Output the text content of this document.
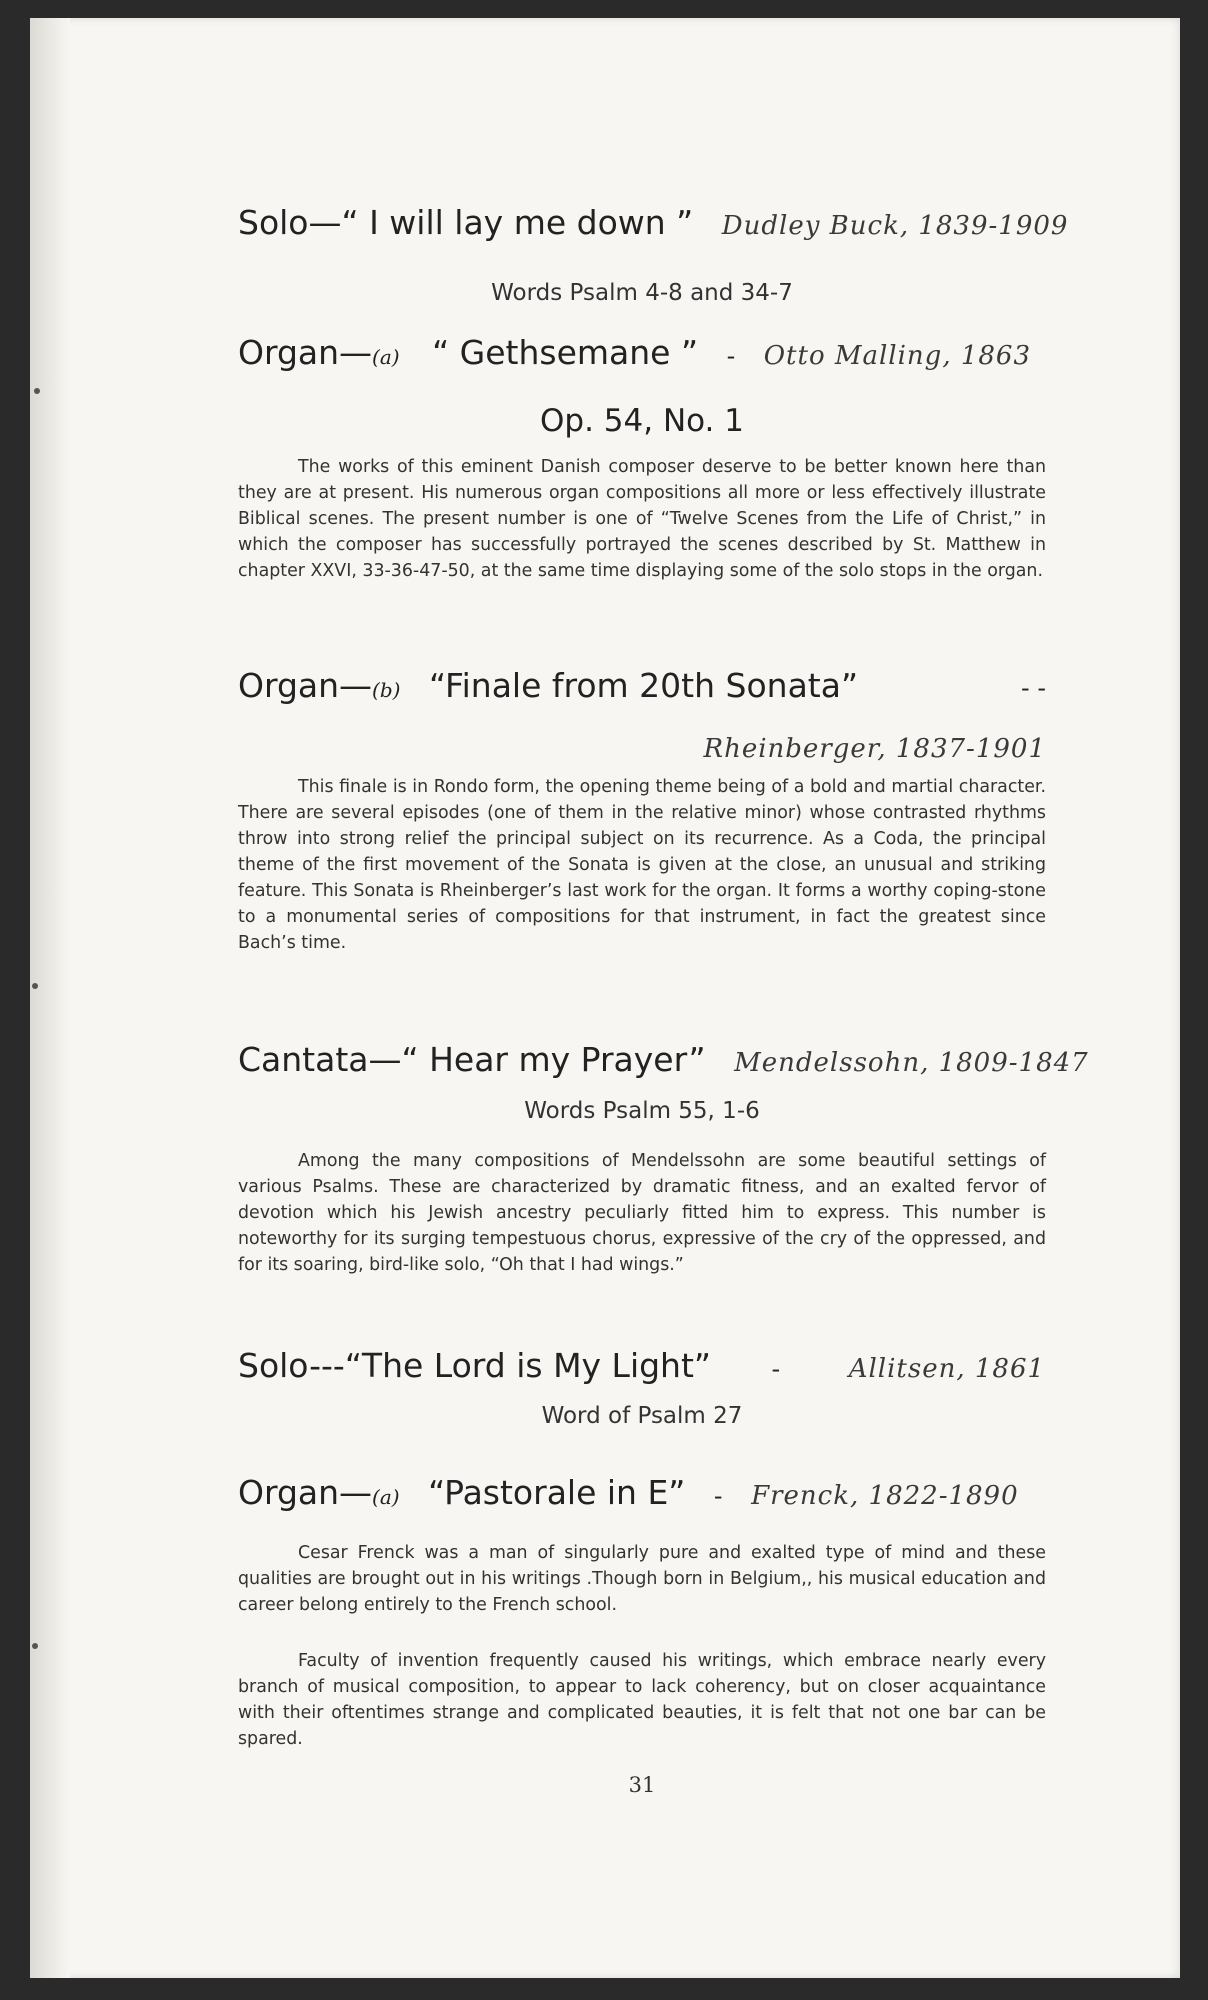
Solo—“ I will lay me down ” Dudley Buck, 1839-1909
Words Psalm 4-8 and 34-7
Organ—(a) “ Gethsemane ” - Otto Malling, 1863
Op. 54, No. 1

The works of this eminent Danish composer deserve to be better known here than they are at present. His numerous organ compositions all more or less effectively illustrate Biblical scenes. The present number is one of “Twelve Scenes from the Life of Christ,” in which the composer has successfully portrayed the scenes described by St. Matthew in chapter XXVI, 33-36-47-50, at the same time displaying some of the solo stops in the organ.

Organ—(b) “Finale from 20th Sonata”	- -
Rheinberger, 1837-1901

This finale is in Rondo form, the opening theme being of a bold and martial character. There are several episodes (one of them in the relative minor) whose contrasted rhythms throw into strong relief the principal subject on its recurrence. As a Coda, the principal theme of the first movement of the Sonata is given at the close, an unusual and striking feature. This Sonata is Rheinberger’s last work for the organ. It forms a worthy coping-stone to a monumental series of compositions for that instrument, in fact the greatest since Bach’s time.

Cantata—“ Hear my Prayer” Mendelssohn, 1809-1847
Words Psalm 55, 1-6

Among the many compositions of Mendelssohn are some beautiful settings of various Psalms. These are characterized by dramatic fitness, and an exalted fervor of devotion which his Jewish ancestry peculiarly fitted him to express. This number is noteworthy for its surging tempestuous chorus, expressive of the cry of the oppressed, and for its soaring, bird-like solo, “Oh that I had wings.”

Solo---“The Lord is My Light”	-	Allitsen, 1861
Word of Psalm 27
Organ—(a) “Pastorale in E” - Frenck, 1822-1890

Cesar Frenck was a man of singularly pure and exalted type of mind and these qualities are brought out in his writings .Though born in Belgium,, his musical education and career belong entirely to the French school.

Faculty of invention frequently caused his writings, which embrace nearly every branch of musical composition, to appear to lack coherency, but on closer acquaintance with their oftentimes strange and complicated beauties, it is felt that not one bar can be spared.

31
